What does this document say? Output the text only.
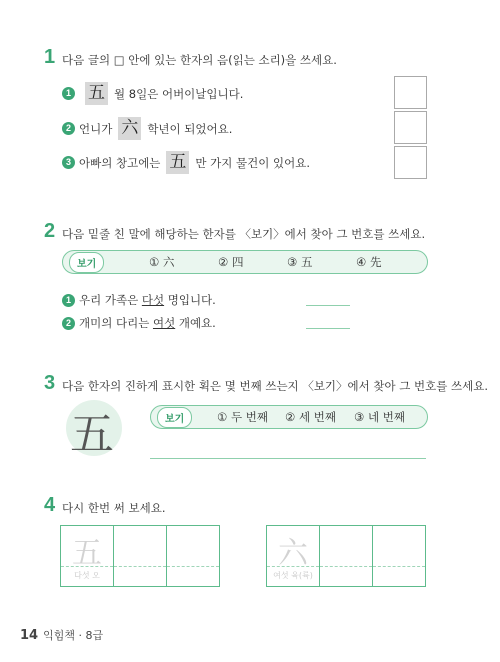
1 다음 글의 □ 안에 있는 한자의 음(읽는 소리)을 쓰세요.
1 五 월 8일은 어버이날입니다.
2 언니가 六 학년이 되었어요.
3 아빠의 창고에는 五 만 가지 물건이 있어요.
2 다음 밑줄 친 말에 해당하는 한자를 〈보기〉에서 찾아 그 번호를 쓰세요.
보기	① 六	② 四	③ 五	④ 先
1 우리 가족은 다섯 명입니다.
2 개미의 다리는 여섯 개예요.
3 다음 한자의 진하게 표시한 획은 몇 번째 쓰는지 〈보기〉에서 찾아 그 번호를 쓰세요.
五	보기	① 두 번째 ② 세 번째 ③ 네 번째
4 다시 한번 써 보세요.
五
다섯 오
六
여섯 육(륙)
14 익힘책 · 8급
